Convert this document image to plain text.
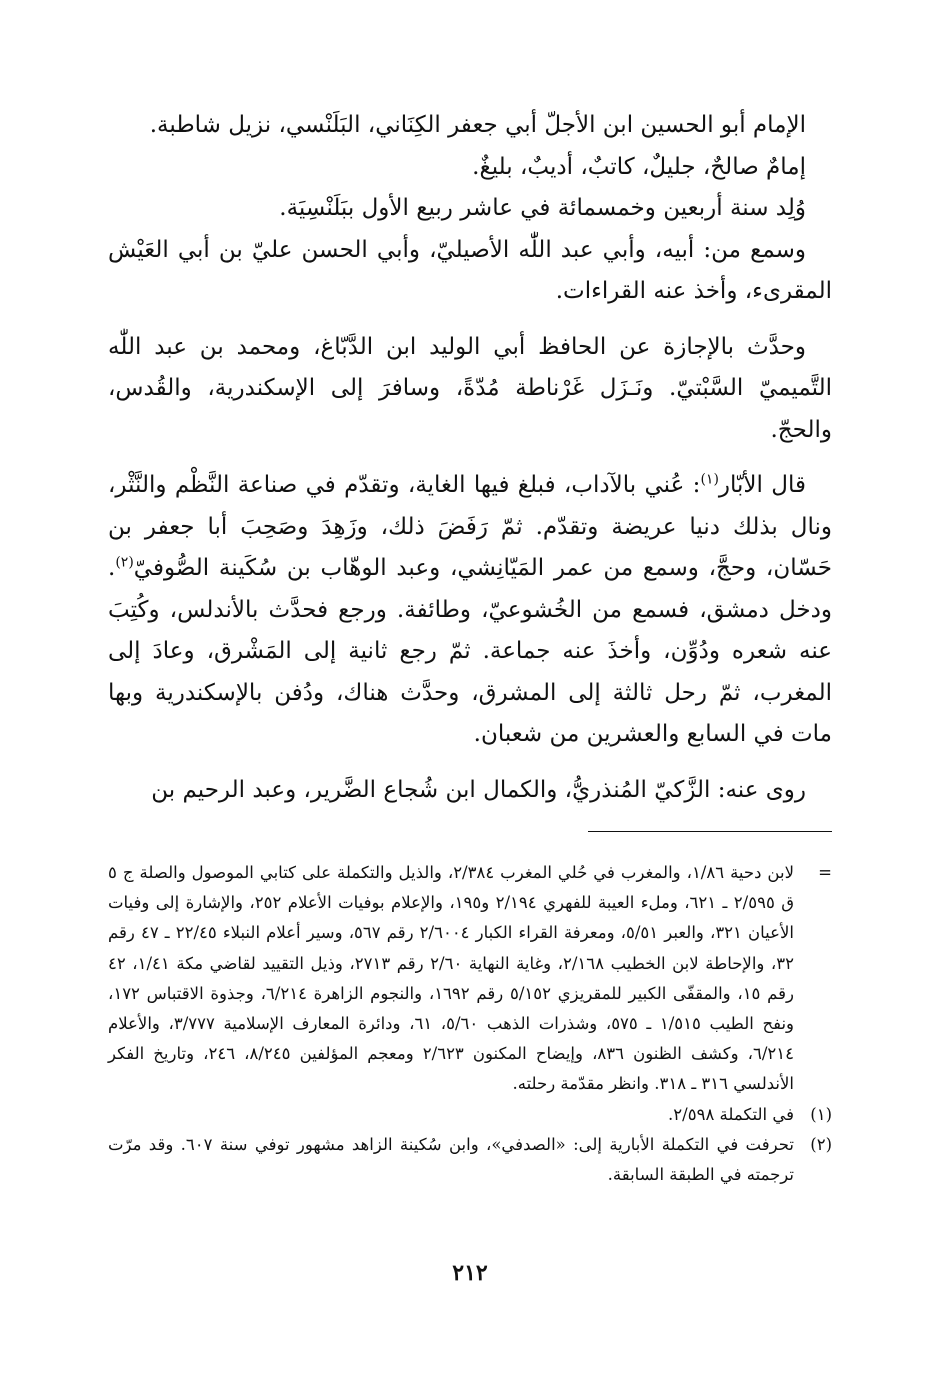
الإمام أبو الحسين ابن الأجلّ أبي جعفر الكِنَاني، البَلَنْسي، نزيل شاطبة.

إمامٌ صالحٌ، جليلٌ، كاتبٌ، أديبٌ، بليغٌ.

وُلِد سنة أربعين وخمسمائة في عاشر ربيع الأول ببَلَنْسِيَة.

وسمع من: أبيه، وأبي عبد اللّٰه الأصيليّ، وأبي الحسن عليّ بن أبي العَيْش المقرىء، وأخذ عنه القراءات.

وحدَّث بالإجازة عن الحافظ أبي الوليد ابن الدَّبّاغ، ومحمد بن عبد اللّٰه التَّميميّ السَّبْتيّ. ونَـزَل غَرْناطة مُدّةً، وسافرَ إلى الإسكندرية، والقُدس، والحجّ.

قال الأبّار$^{(١)}$: عُني بالآداب، فبلغ فيها الغاية، وتقدّم في صناعة النَّظْم والنَّثْر، ونال بذلك دنيا عريضة وتقدّم. ثمّ رَفَضَ ذلك، وزَهِدَ وصَحِبَ أبا جعفر بن حَسّان، وحجَّ، وسمع من عمر المَيّانِشي، وعبد الوهّاب بن سُكَينة الصُّوفيّ$^{(٢)}$. ودخل دمشق، فسمع من الخُشوعيّ، وطائفة. ورجع فحدَّث بالأندلس، وكُتِبَ عنه شعره ودُوِّن، وأخذَ عنه جماعة. ثمّ رجع ثانية إلى المَشْرق، وعادَ إلى المغرب، ثمّ رحل ثالثة إلى المشرق، وحدَّث هناك، ودُفن بالإسكندرية وبها مات في السابع والعشرين من شعبان.

روى عنه: الزَّكيّ المُنذريُّ، والكمال ابن شُجاع الضَّرير، وعبد الرحيم بن

=
لابن دحية ١/٨٦، والمغرب في حُلي المغرب ٢/٣٨٤، والذيل والتكملة على كتابي الموصول والصلة ج ٥ ق ٢/٥٩٥ ـ ٦٢١، وملء العيبة للفهري ٢/١٩٤ و١٩٥، والإعلام بوفيات الأعلام ٢٥٢، والإشارة إلى وفيات الأعيان ٣٢١، والعبر ٥/٥١، ومعرفة القراء الكبار ٢/٦٠٠٤ رقم ٥٦٧، وسير أعلام النبلاء ٢٢/٤٥ ـ ٤٧ رقم ٣٢، والإحاطة لابن الخطيب ٢/١٦٨، وغاية النهاية ٢/٦٠ رقم ٢٧١٣، وذيل التقييد لقاضي مكة ١/٤١، ٤٢ رقم ١٥، والمقفّى الكبير للمقريزي ٥/١٥٢ رقم ١٦٩٢، والنجوم الزاهرة ٦/٢١٤، وجذوة الاقتباس ١٧٢، ونفح الطيب ١/٥١٥ ـ ٥٧٥، وشذرات الذهب ٥/٦٠، ٦١، ودائرة المعارف الإسلامية ٣/٧٧٧، والأعلام ٦/٢١٤، وكشف الظنون ٨٣٦، وإيضاح المكنون ٢/٦٢٣ ومعجم المؤلفين ٨/٢٤٥، ٢٤٦، وتاريخ الفكر الأندلسي ٣١٦ ـ ٣١٨. وانظر مقدّمة رحلته.
(١)
في التكملة ٢/٥٩٨.
(٢)
تحرفت في التكملة الأبارية إلى: «الصدفي»، وابن سُكينة الزاهد مشهور توفي سنة ٦٠٧. وقد مرّت ترجمته في الطبقة السابقة.
٢١٢
